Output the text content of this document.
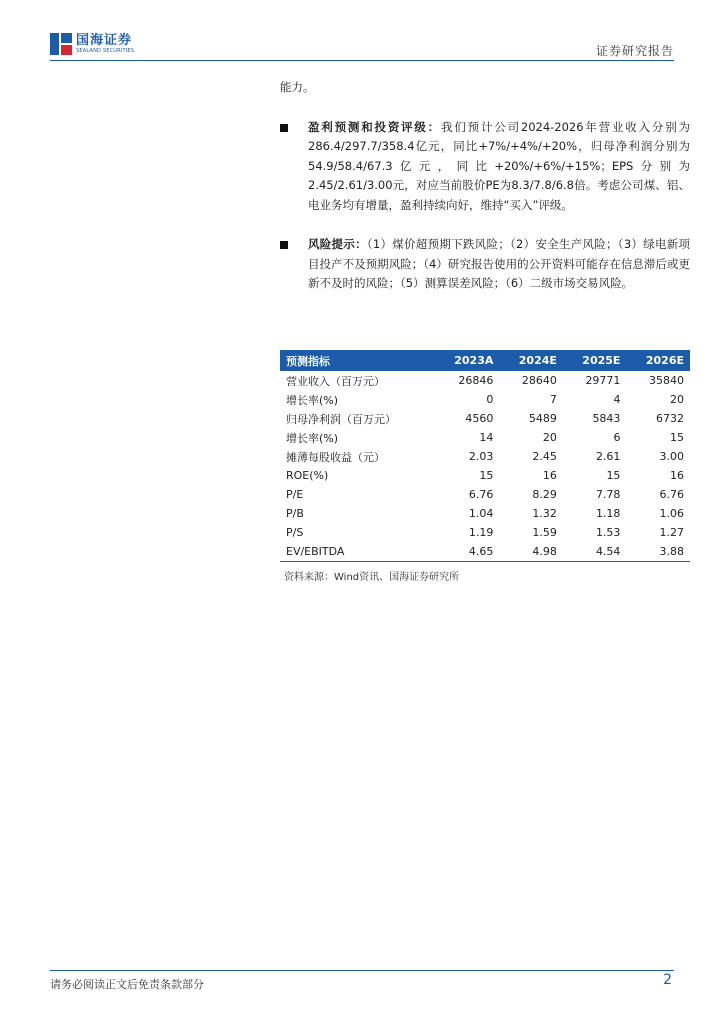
国海证券
SEALAND SECURITIES	证券研究报告

能力。

盈利预测和投资评级：我们预计公司2024-2026年营业收入分别为286.4/297.7/358.4亿元，同比+7%/+4%/+20%，归母净利润分别为54.9/58.4/67.3亿元，同比+20%/+6%/+15%；EPS分别为2.45/2.61/3.00元，对应当前股价PE为8.3/7.8/6.8倍。考虑公司煤、铝、电业务均有增量，盈利持续向好，维持“买入”评级。
风险提示：（1）煤价超预期下跌风险；（2）安全生产风险；（3）绿电新项目投产不及预期风险；（4）研究报告使用的公开资料可能存在信息滞后或更新不及时的风险；（5）测算误差风险；（6）二级市场交易风险。
预测指标	2023A	2024E	2025E	2026E
营业收入（百万元）	26846	28640	29771	35840
增长率(%)	0	7	4	20
归母净利润（百万元）	4560	5489	5843	6732
增长率(%)	14	20	6	15
摊薄每股收益（元）	2.03	2.45	2.61	3.00
ROE(%)	15	16	15	16
P/E	6.76	8.29	7.78	6.76
P/B	1.04	1.32	1.18	1.06
P/S	1.19	1.59	1.53	1.27
EV/EBITDA	4.65	4.98	4.54	3.88
资料来源：Wind资讯、国海证券研究所
请务必阅读正文后免责条款部分	2
